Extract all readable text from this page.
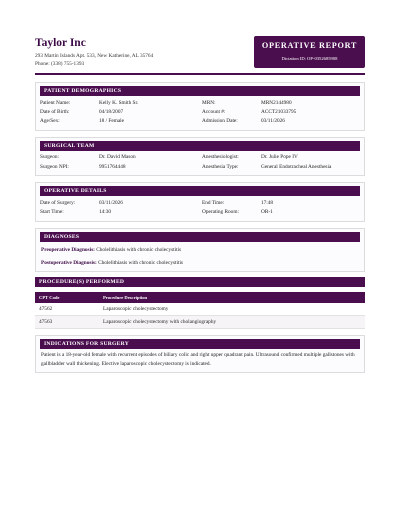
Taylor Inc
293 Martin Islands Apt. 533, New Katherine, AL 35764
Phone: (338) 755-1393
OPERATIVE REPORT
Dictation ID: OP-0352685908
PATIENT DEMOGRAPHICS
Patient Name:	Kelly K. Smith Sr.	MRN:	MRN2144980
Date of Birth:	04/18/2007	Account #:	ACCT21033795
Age/Sex:	18 / Female	Admission Date:	03/11/2026
SURGICAL TEAM
Surgeon:	Dr. David Mason	Anesthesiologist:	Dr. Julie Pope IV
Surgeon NPI:	9951764448	Anesthesia Type:	General Endotracheal Anesthesia
OPERATIVE DETAILS
Date of Surgery:	03/11/2026	End Time:	17:48
Start Time:	14:30	Operating Room:	OR-1
DIAGNOSES
Preoperative Diagnosis: Cholelithiasis with chronic cholecystitis
Postoperative Diagnosis: Cholelithiasis with chronic cholecystitis
PROCEDURE(S) PERFORMED
CPT Code	Procedure Description
47562	Laparoscopic cholecystectomy
47563	Laparoscopic cholecystectomy with cholangiography
INDICATIONS FOR SURGERY
Patient is a 18-year-old female with recurrent episodes of biliary colic and right upper quadrant pain. Ultrasound confirmed multiple gallstones with gallbladder wall thickening. Elective laparoscopic cholecystectomy is indicated.
